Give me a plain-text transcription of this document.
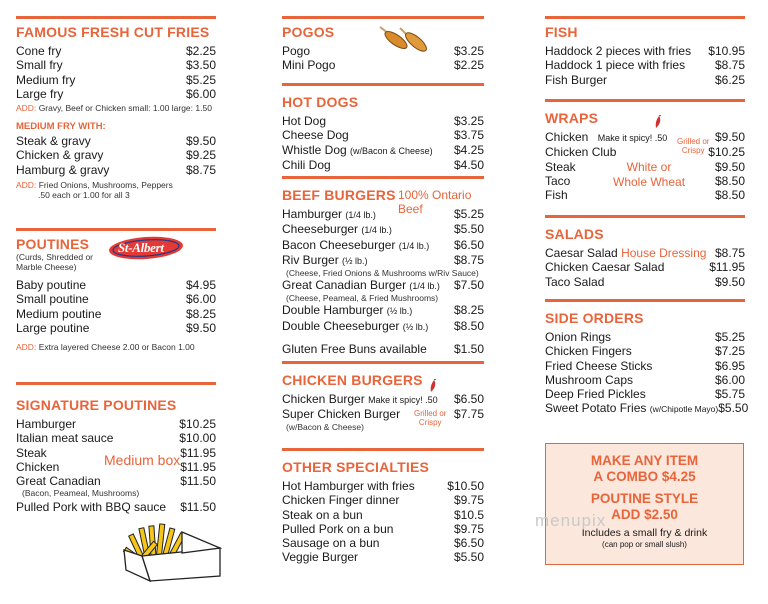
FAMOUS FRESH CUT FRIES
Cone fry	$2.25
Small fry	$3.50
Medium fry	$5.25
Large fry	$6.00
ADD: Gravy, Beef or Chicken small: 1.00 large: 1.50
MEDIUM FRY WITH:
Steak & gravy	$9.50
Chicken & gravy	$9.25
Hamburg & gravy	$8.75
ADD: Fried Onions, Mushrooms, Peppers
.50 each or 1.00 for all 3
POUTINES
(Curds, Shredded or
Marble Cheese)
St-Albert
Baby poutine	$4.95
Small poutine	$6.00
Medium poutine	$8.25
Large poutine	$9.50
ADD: Extra layered Cheese 2.00 or Bacon 1.00
SIGNATURE POUTINES
Hamburger	$10.25
Italian meat sauce	$10.00
Steak	$11.95
Chicken	$11.95
Great Canadian	$11.50
(Bacon, Peameal, Mushrooms)
Pulled Pork with BBQ sauce $11.50
Medium box
POGOS
Pogo	$3.25
Mini Pogo	$2.25
HOT DOGS
Hot Dog	$3.25
Cheese Dog	$3.75
Whistle Dog (w/Bacon & Cheese) $4.25
Chili Dog	$4.50
BEEF BURGERS 100% Ontario Beef
Hamburger (1/4 lb.)	$5.25
Cheeseburger (1/4 lb.)	$5.50
Bacon Cheeseburger (1/4 lb.) $6.50
Riv Burger (½ lb.)	$8.75
(Cheese, Fried Onions & Mushrooms w/Riv Sauce)
Great Canadian Burger (1/4 lb.) $7.50
(Cheese, Peameal, & Fried Mushrooms)
Double Hamburger (½ lb.)	$8.25
Double Cheeseburger (½ lb.) $8.50
Gluten Free Buns available $1.50
CHICKEN BURGERS
Chicken Burger Make it spicy! .50 $6.50
Super Chicken Burger	$7.75
(w/Bacon & Cheese)
Grilled or
Crispy
OTHER SPECIALTIES
Hot Hamburger with fries	$10.50
Chicken Finger dinner	$9.75
Steak on a bun	$10.5
Pulled Pork on a bun	$9.75
Sausage on a bun	$6.50
Veggie Burger	$5.50
FISH
Haddock 2 pieces with fries $10.95
Haddock 1 piece with fries $8.75
Fish Burger	$6.25
WRAPS
Grilled or
Crispy
Chicken Make it spicy! .50	$9.50
Chicken Club	$10.25
Steak	$9.50
Taco	$8.50
Fish	$8.50
White or
Whole Wheat
SALADS
Caesar Salad House Dressing $8.75
Chicken Caesar Salad	$11.95
Taco Salad	$9.50
SIDE ORDERS
Onion Rings	$5.25
Chicken Fingers	$7.25
Fried Cheese Sticks	$6.95
Mushroom Caps	$6.00
Deep Fried Pickles	$5.75
Sweet Potato Fries (w/Chipotle Mayo) $5.50
MAKE ANY ITEM
A COMBO $4.25
POUTINE STYLE
ADD $2.50
Includes a small fry & drink
(can pop or small slush)
menupix
